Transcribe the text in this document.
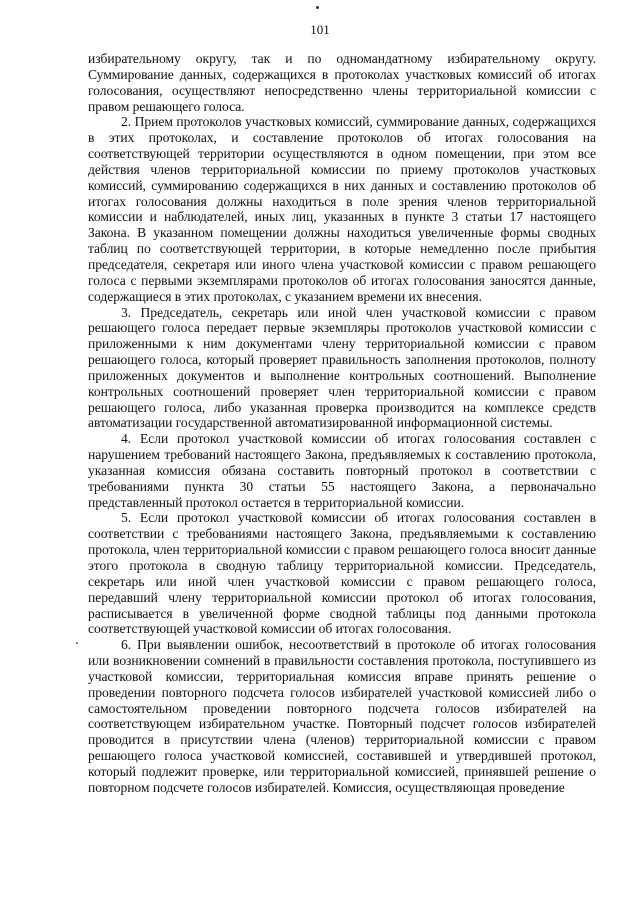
101

избирательному округу, так и по одномандатному избирательному округу. Суммирование данных, содержащихся в протоколах участковых комиссий об итогах голосования, осуществляют непосредственно члены территориальной комиссии с правом решающего голоса.

2. Прием протоколов участковых комиссий, суммирование данных, содержащихся в этих протоколах, и составление протоколов об итогах голосования на соответствующей территории осуществляются в одном помещении, при этом все действия членов территориальной комиссии по приему протоколов участковых комиссий, суммированию содержащихся в них данных и составлению протоколов об итогах голосования должны находиться в поле зрения членов территориальной комиссии и наблюдателей, иных лиц, указанных в пункте 3 статьи 17 настоящего Закона. В указанном помещении должны находиться увеличенные формы сводных таблиц по соответствующей территории, в которые немедленно после прибытия председателя, секретаря или иного члена участковой комиссии с правом решающего голоса с первыми экземплярами протоколов об итогах голосования заносятся данные, содержащиеся в этих протоколах, с указанием времени их внесения.

3. Председатель, секретарь или иной член участковой комиссии с правом решающего голоса передает первые экземпляры протоколов участковой комиссии с приложенными к ним документами члену территориальной комиссии с правом решающего голоса, который проверяет правильность заполнения протоколов, полноту приложенных документов и выполнение контрольных соотношений. Выполнение контрольных соотношений проверяет член территориальной комиссии с правом решающего голоса, либо указанная проверка производится на комплексе средств автоматизации государственной автоматизированной информационной системы.

4. Если протокол участковой комиссии об итогах голосования составлен с нарушением требований настоящего Закона, предъявляемых к составлению протокола, указанная комиссия обязана составить повторный протокол в соответствии с требованиями пункта 30 статьи 55 настоящего Закона, а первоначально представленный протокол остается в территориальной комиссии.

5. Если протокол участковой комиссии об итогах голосования составлен в соответствии с требованиями настоящего Закона, предъявляемыми к составлению протокола, член территориальной комиссии с правом решающего голоса вносит данные этого протокола в сводную таблицу территориальной комиссии. Председатель, секретарь или иной член участковой комиссии с правом решающего голоса, передавший члену территориальной комиссии протокол об итогах голосования, расписывается в увеличенной форме сводной таблицы под данными протокола соответствующей участковой комиссии об итогах голосования.

6. При выявлении ошибок, несоответствий в протоколе об итогах голосования или возникновении сомнений в правильности составления протокола, поступившего из участковой комиссии, территориальная комиссия вправе принять решение о проведении повторного подсчета голосов избирателей участковой комиссией либо о самостоятельном проведении повторного подсчета голосов избирателей на соответствующем избирательном участке. Повторный подсчет голосов избирателей проводится в присутствии члена (членов) территориальной комиссии с правом решающего голоса участковой комиссией, составившей и утвердившей протокол, который подлежит проверке, или территориальной комиссией, принявшей решение о повторном подсчете голосов избирателей. Комиссия, осуществляющая проведение
